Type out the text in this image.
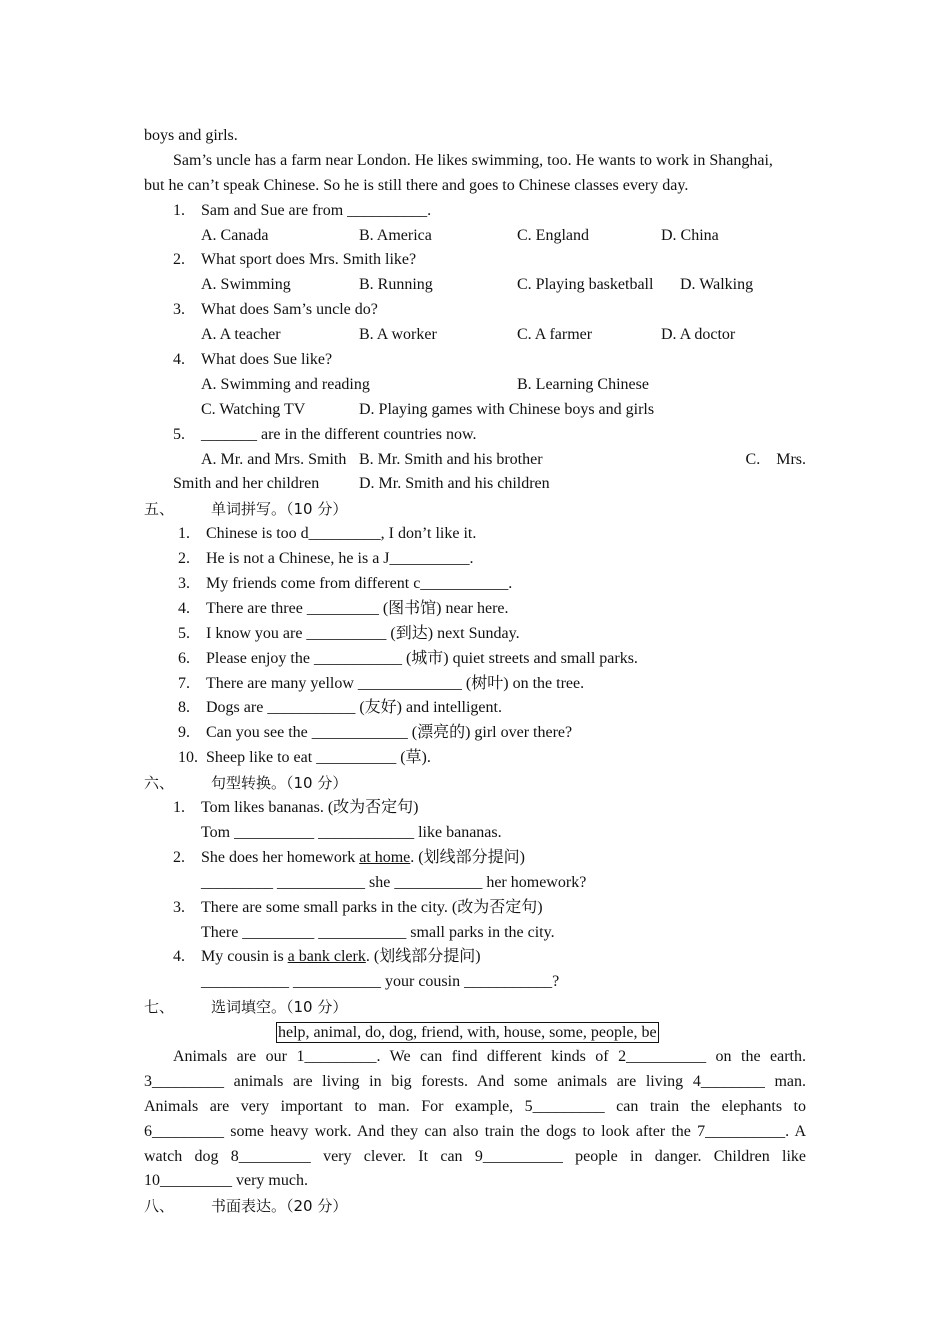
boys and girls.
Sam’s uncle has a farm near London. He likes swimming, too. He wants to work in Shanghai,
but he can’t speak Chinese. So he is still there and goes to Chinese classes every day.
1. Sam and Sue are from __________.
A. Canada	B. America	C. England	D. China
2. What sport does Mrs. Smith like?
A. Swimming	B. Running	C. Playing basketball D. Walking
3. What does Sam’s uncle do?
A. A teacher	B. A worker	C. A farmer	D. A doctor
4. What does Sue like?
A. Swimming and reading	B. Learning Chinese
C. Watching TV	D. Playing games with Chinese boys and girls
5. _______ are in the different countries now.
A. Mr. and Mrs. Smith B. Mr. Smith and his brother	C.    Mrs.
Smith and her children D. Mr. Smith and his children
五、 单词拼写。（10 分）
1. Chinese is too d_________, I don’t like it.
2. He is not a Chinese, he is a J__________.
3. My friends come from different c___________.
4. There are three _________ (图书馆) near here.
5. I know you are __________ (到达) next Sunday.
6. Please enjoy the ___________ (城市) quiet streets and small parks.
7. There are many yellow _____________ (树叶) on the tree.
8. Dogs are ___________ (友好) and intelligent.
9. Can you see the ____________ (漂亮的) girl over there?
10. Sheep like to eat __________ (草).
六、 句型转换。（10 分）
1. Tom likes bananas. (改为否定句)
Tom __________ ____________ like bananas.
2. She does her homework at home. (划线部分提问)
_________ ___________ she ___________ her homework?
3. There are some small parks in the city. (改为否定句)
There _________ ___________ small parks in the city.
4. My cousin is a bank clerk. (划线部分提问)
___________ ___________ your cousin ___________?
七、 选词填空。（10 分）
help, animal, do, dog, friend, with, house, some, people, be
Animals are our 1_________. We can find different kinds of 2__________ on the earth.
3_________ animals are living in big forests. And some animals are living 4________ man.
Animals are very important to man. For example, 5_________ can train the elephants to
6_________ some heavy work. And they can also train the dogs to look after the 7__________. A
watch dog 8_________ very clever. It can 9__________ people in danger. Children like
10_________ very much.
八、 书面表达。（20 分）
